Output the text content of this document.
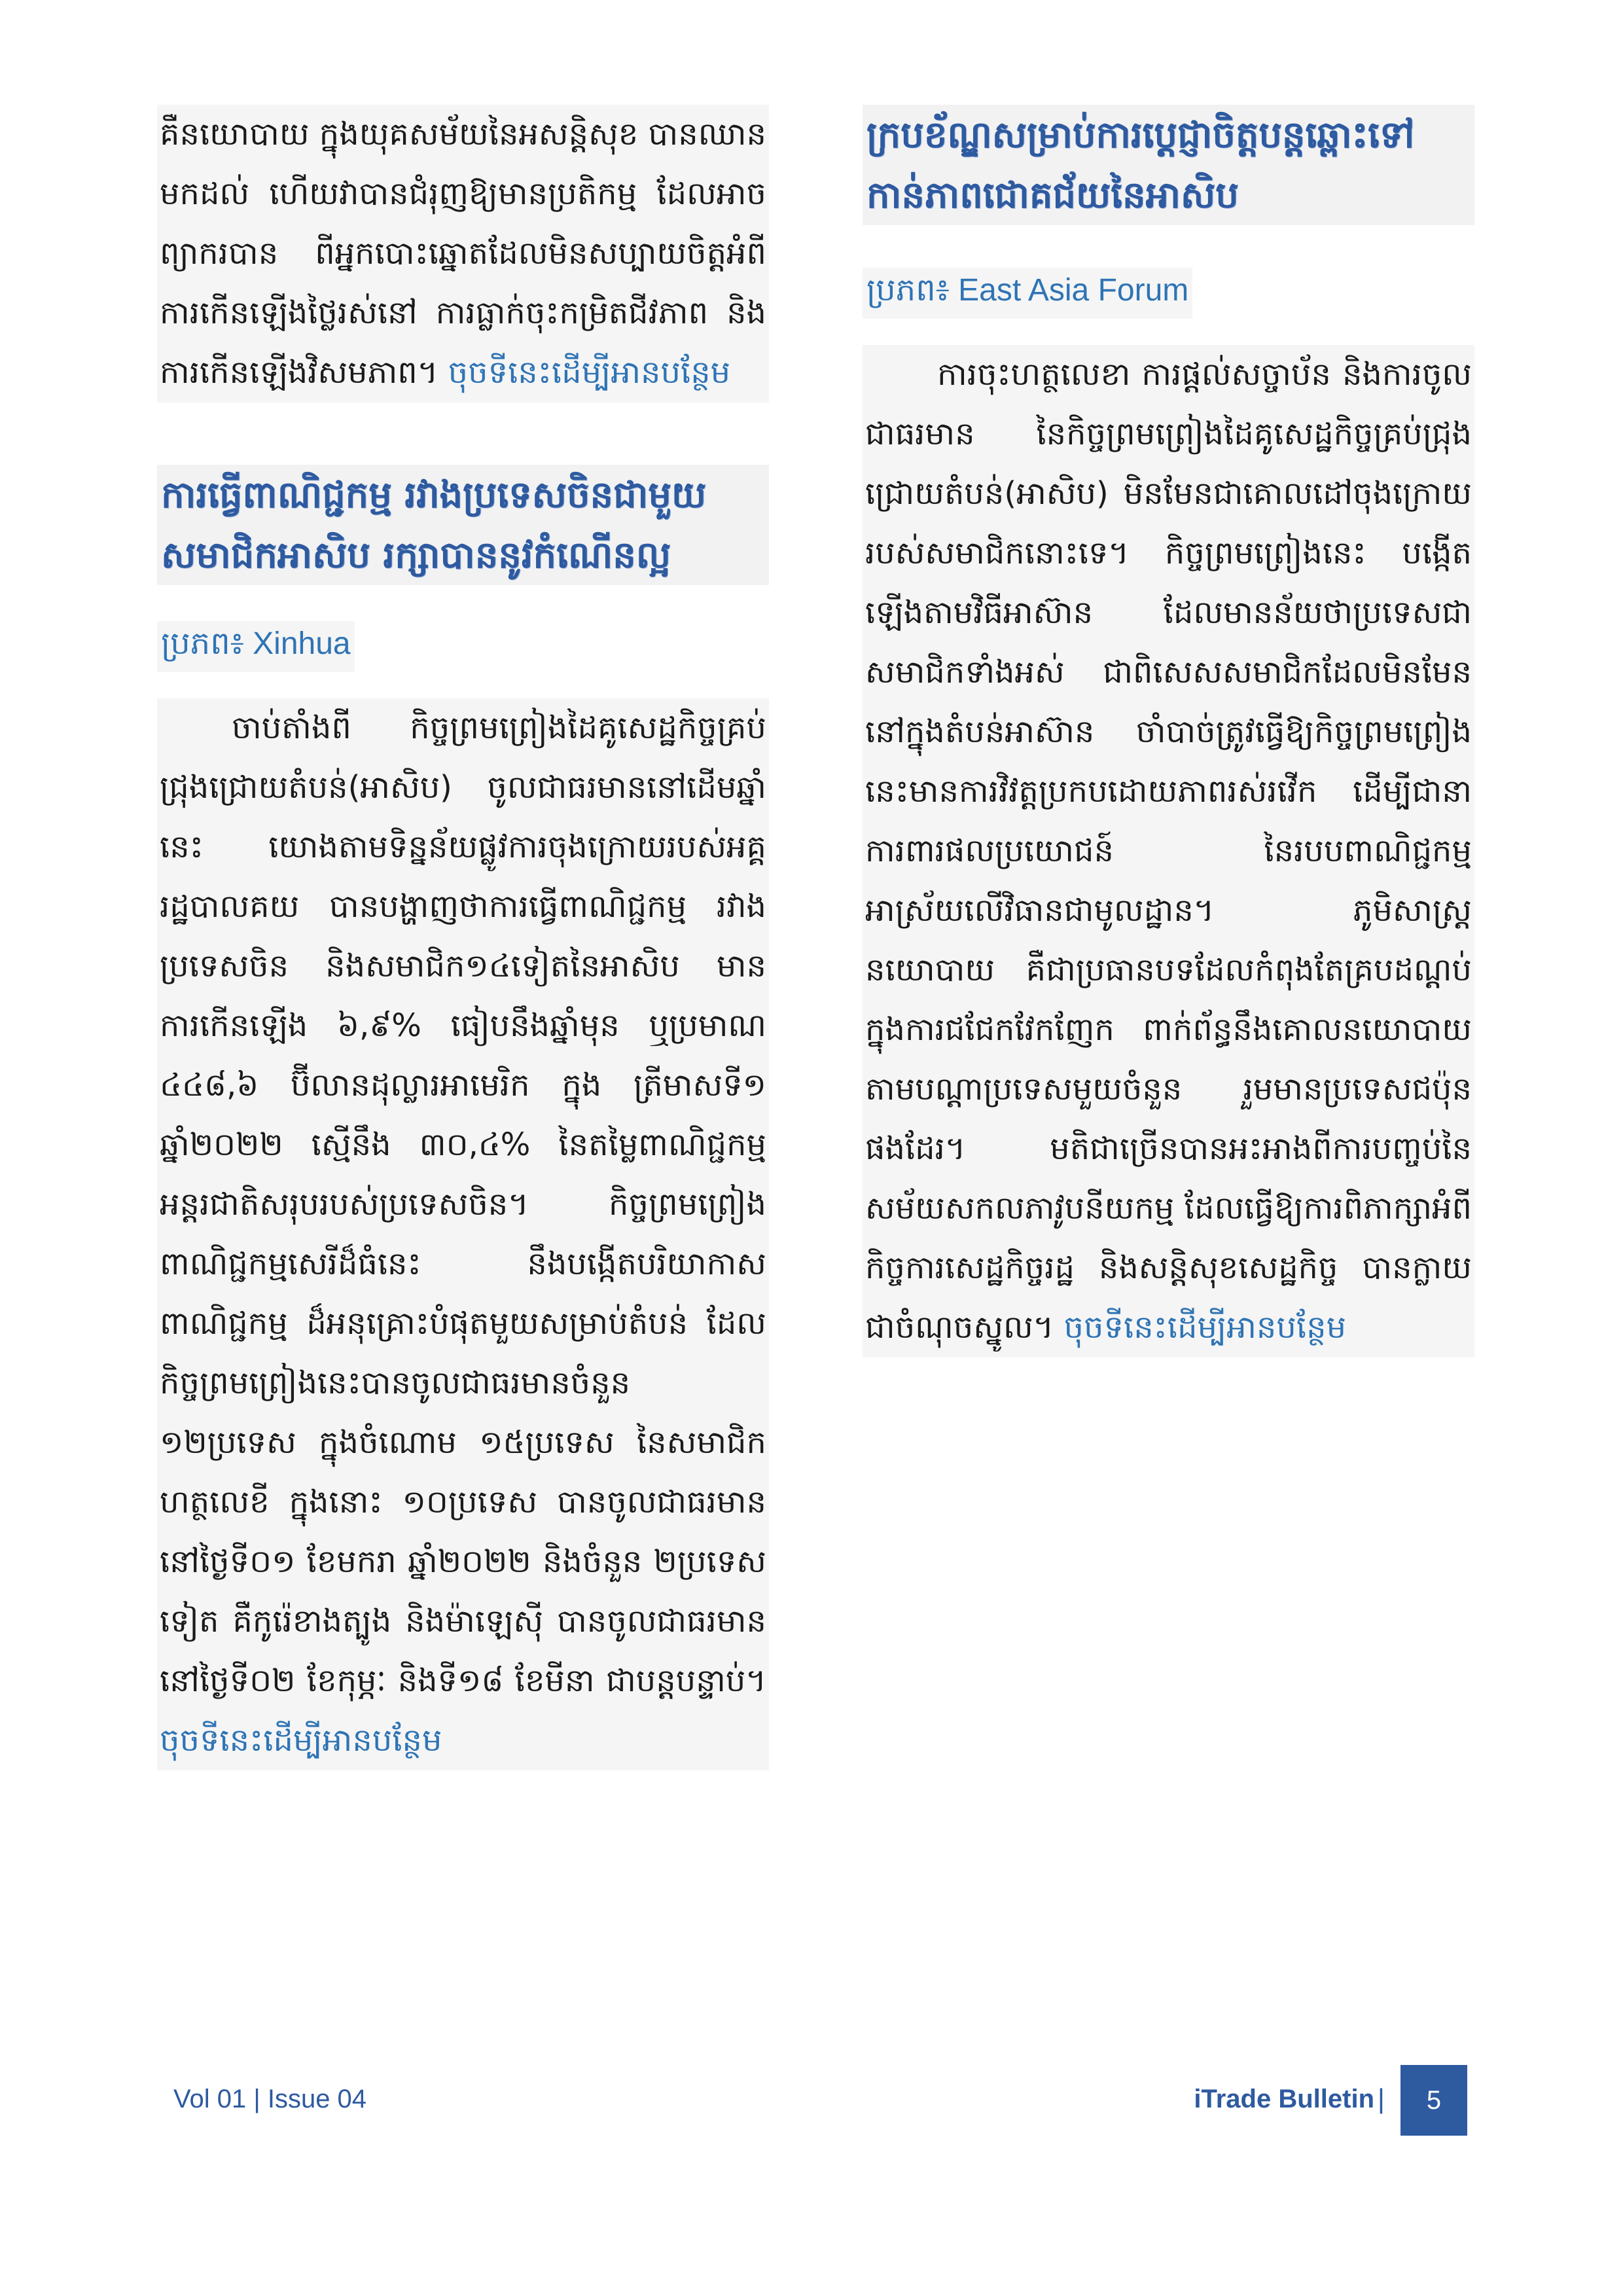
គឺនយោបាយ ក្នុងយុគសម័យនៃអសន្តិសុខ បានឈានមកដល់ ហើយវាបានជំរុញឱ្យមានប្រតិកម្ម ដែលអាចព្យាករបាន ពីអ្នកបោះឆ្នោតដែលមិនសប្បាយចិត្តអំពីការកើនឡើងថ្លៃរស់នៅ ការធ្លាក់ចុះកម្រិតជីវភាព និងការកើនឡើងវិសមភាព។ ចុចទីនេះដើម្បីអានបន្ថែម

ការធ្វើពាណិជ្ជកម្ម រវាងប្រទេសចិនជាមួយសមាជិកអាសិប រក្សាបាននូវកំណើនល្អ

ប្រភព៖ Xinhua

ចាប់តាំងពី កិច្ចព្រមព្រៀងដៃគូសេដ្ឋកិច្ចគ្រប់ជ្រុងជ្រោយតំបន់(អាសិប) ចូលជាធរមាននៅដើមឆ្នាំនេះ យោងតាមទិន្នន័យផ្លូវការចុងក្រោយរបស់អគ្គរដ្ឋបាលគយ បានបង្ហាញថាការធ្វើពាណិជ្ជកម្ម រវាងប្រទេសចិន និងសមាជិក១៤ទៀតនៃអាសិប មានការកើនឡើង ៦,៩% ធៀបនឹងឆ្នាំមុន ឬប្រមាណ ៤៤៨,៦ ប៊ីលានដុល្លារអាមេរិក ក្នុង ត្រីមាសទី១ ឆ្នាំ២០២២ ស្មើនឹង ៣០,៤% នៃតម្លៃពាណិជ្ជកម្មអន្តរជាតិសរុបរបស់ប្រទេសចិន។ កិច្ចព្រមព្រៀងពាណិជ្ជកម្មសេរីដ៏ធំនេះ នឹងបង្កើតបរិយាកាសពាណិជ្ជកម្ម ដ៏អនុគ្រោះបំផុតមួយសម្រាប់តំបន់ ដែលកិច្ចព្រមព្រៀងនេះបានចូលជាធរមានចំនួន ១២ប្រទេស ក្នុងចំណោម ១៥ប្រទេស នៃសមាជិកហត្ថលេខី ក្នុងនោះ ១០ប្រទេស បានចូលជាធរមាននៅថ្ងៃទី០១ ខែមករា ឆ្នាំ២០២២ និងចំនួន ២ប្រទេសទៀត គឺកូរ៉េខាងត្បូង និងម៉ាឡេស៊ី បានចូលជាធរមាននៅថ្ងៃទី០២ ខែកុម្ភៈ និងទី១៨ ខែមីនា ជាបន្តបន្ទាប់។ ចុចទីនេះដើម្បីអានបន្ថែម

ក្របខ័ណ្ឌសម្រាប់ការប្តេជ្ញាចិត្តបន្តឆ្ពោះទៅកាន់ភាពជោគជ័យនៃអាសិប

ប្រភព៖ East Asia Forum

ការចុះហត្ថលេខា ការផ្តល់សច្ចាប័ន និងការចូលជាធរមាន នៃកិច្ចព្រមព្រៀងដៃគូសេដ្ឋកិច្ចគ្រប់ជ្រុងជ្រោយតំបន់(អាសិប) មិនមែនជាគោលដៅចុងក្រោយរបស់សមាជិកនោះទេ។ កិច្ចព្រមព្រៀងនេះ បង្កើតឡើងតាមវិធីអាស៊ាន ដែលមានន័យថាប្រទេសជាសមាជិកទាំងអស់ ជាពិសេសសមាជិកដែលមិនមែននៅក្នុងតំបន់អាស៊ាន ចាំបាច់ត្រូវធ្វើឱ្យកិច្ចព្រមព្រៀងនេះមានការវិវត្តប្រកបដោយភាពរស់រវើក ដើម្បីជានាការពារផលប្រយោជន៍ នៃរបបពាណិជ្ជកម្ម អាស្រ័យលើវិធានជាមូលដ្ឋាន។ ភូមិសាស្ត្រនយោបាយ គឺជាប្រធានបទដែលកំពុងតែគ្របដណ្តប់ក្នុងការជជែកវែកញែក ពាក់ព័ន្ធនឹងគោលនយោបាយ តាមបណ្តាប្រទេសមួយចំនួន រួមមានប្រទេសជប៉ុនផងដែរ។ មតិជាច្រើនបានអះអាងពីការបញ្ចប់នៃសម័យសកលភាវូបនីយកម្ម ដែលធ្វើឱ្យការពិភាក្សាអំពីកិច្ចការសេដ្ឋកិច្ចរដ្ឋ និងសន្តិសុខសេដ្ឋកិច្ច បានក្លាយជាចំណុចស្នូល។ ចុចទីនេះដើម្បីអានបន្ថែម

Vol 01 | Issue 04	iTrade Bulletin | 5
